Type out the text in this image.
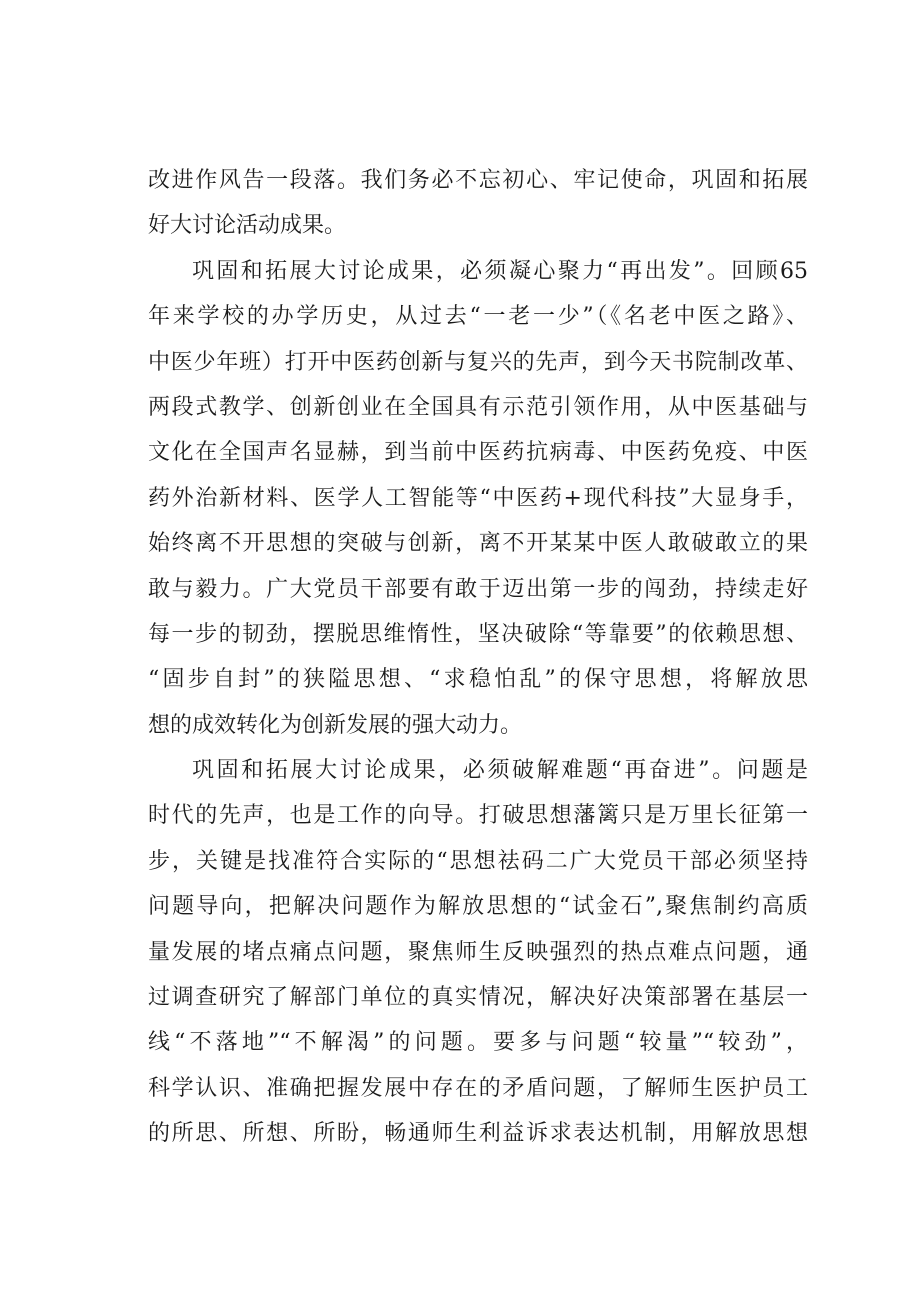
改进作风告一段落。我们务必不忘初心、牢记使命，巩固和拓展
好大讨论活动成果。
巩固和拓展大讨论成果，必须凝心聚力“再出发”。回顾65
年来学校的办学历史，从过去“一老一少”（《名老中医之路》、
中医少年班）打开中医药创新与复兴的先声，到今天书院制改革、
两段式教学、创新创业在全国具有示范引领作用，从中医基础与
文化在全国声名显赫，到当前中医药抗病毒、中医药免疫、中医
药外治新材料、医学人工智能等“中医药+现代科技”大显身手，
始终离不开思想的突破与创新，离不开某某中医人敢破敢立的果
敢与毅力。广大党员干部要有敢于迈出第一步的闯劲，持续走好
每一步的韧劲，摆脱思维惰性，坚决破除“等靠要”的依赖思想、
“固步自封”的狭隘思想、“求稳怕乱”的保守思想，将解放思
想的成效转化为创新发展的强大动力。
巩固和拓展大讨论成果，必须破解难题“再奋进”。问题是
时代的先声，也是工作的向导。打破思想藩篱只是万里长征第一
步，关键是找准符合实际的“思想祛码二广大党员干部必须坚持
问题导向，把解决问题作为解放思想的“试金石”,聚焦制约高质
量发展的堵点痛点问题，聚焦师生反映强烈的热点难点问题，通
过调查研究了解部门单位的真实情况，解决好决策部署在基层一
线“不落地”“不解渴”的问题。要多与问题“较量”“较劲”，
科学认识、准确把握发展中存在的矛盾问题，了解师生医护员工
的所思、所想、所盼，畅通师生利益诉求表达机制，用解放思想
